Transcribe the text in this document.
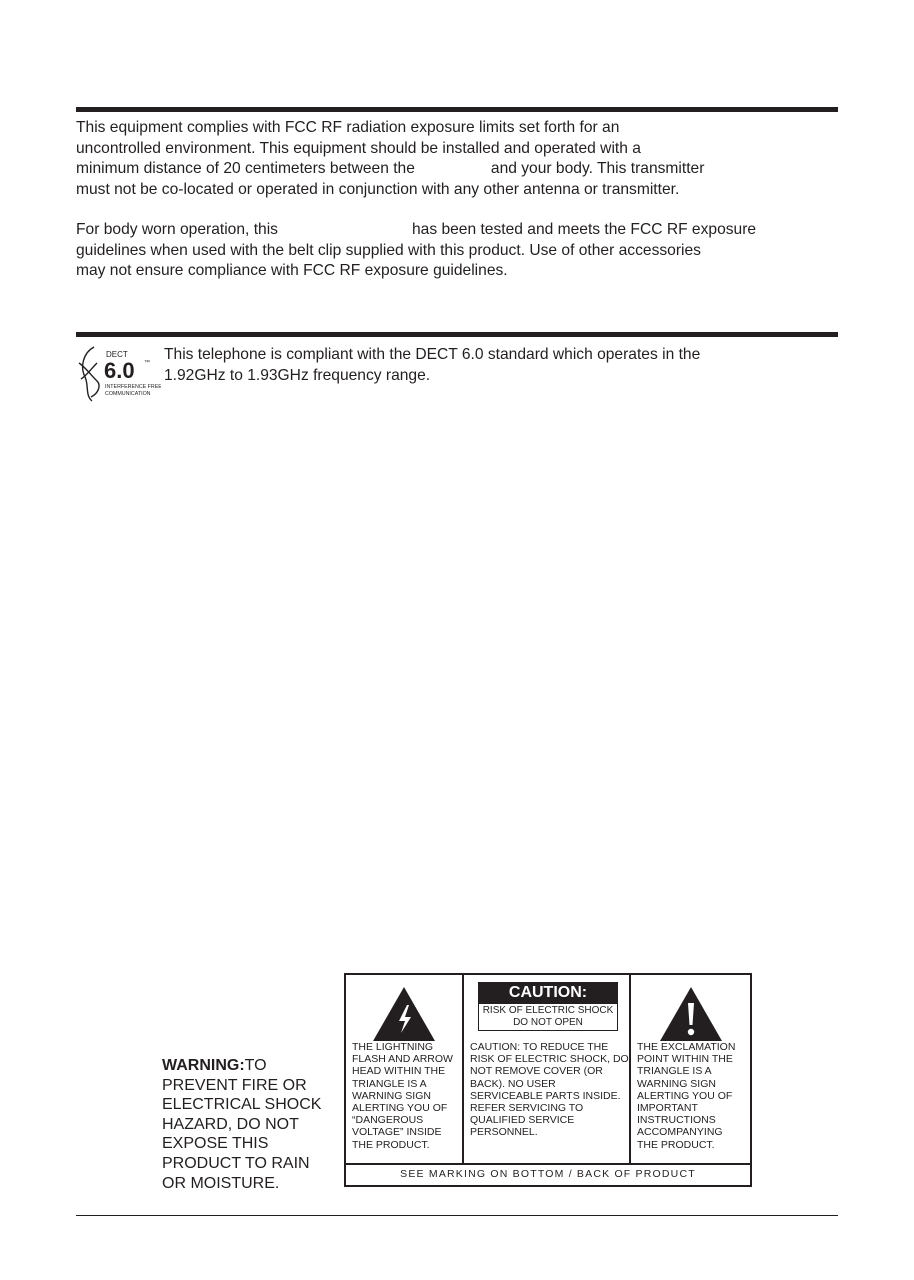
This equipment complies with FCC RF radiation exposure limits set forth for an
uncontrolled environment. This equipment should be installed and operated with a
minimum distance of 20 centimeters between the	and your body. This transmitter
must not be co-located or operated in conjunction with any other antenna or transmitter.

For body worn operation, this	has been tested and meets the FCC RF exposure
guidelines when used with the belt clip supplied with this product. Use of other accessories
may not ensure compliance with FCC RF exposure guidelines.

DECT
6.0 ™
INTERFERENCE FREE
COMMUNICATION

This telephone is compliant with the DECT 6.0 standard which operates in the
1.92GHz to 1.93GHz frequency range.

WARNING:TO
PREVENT FIRE OR
ELECTRICAL SHOCK
HAZARD, DO NOT
EXPOSE THIS
PRODUCT TO RAIN
OR MOISTURE.

THE LIGHTNING
FLASH AND ARROW
HEAD WITHIN THE
TRIANGLE IS A
WARNING SIGN
ALERTING YOU OF
“DANGEROUS
VOLTAGE” INSIDE
THE PRODUCT.
CAUTION:
RISK OF ELECTRIC SHOCK
DO NOT OPEN
CAUTION: TO REDUCE THE
RISK OF ELECTRIC SHOCK, DO
NOT REMOVE COVER (OR
BACK). NO USER
SERVICEABLE PARTS INSIDE.
REFER SERVICING TO
QUALIFIED SERVICE
PERSONNEL.
THE EXCLAMATION
POINT WITHIN THE
TRIANGLE IS A
WARNING SIGN
ALERTING YOU OF
IMPORTANT
INSTRUCTIONS
ACCOMPANYING
THE PRODUCT.
SEE MARKING ON BOTTOM / BACK OF PRODUCT
